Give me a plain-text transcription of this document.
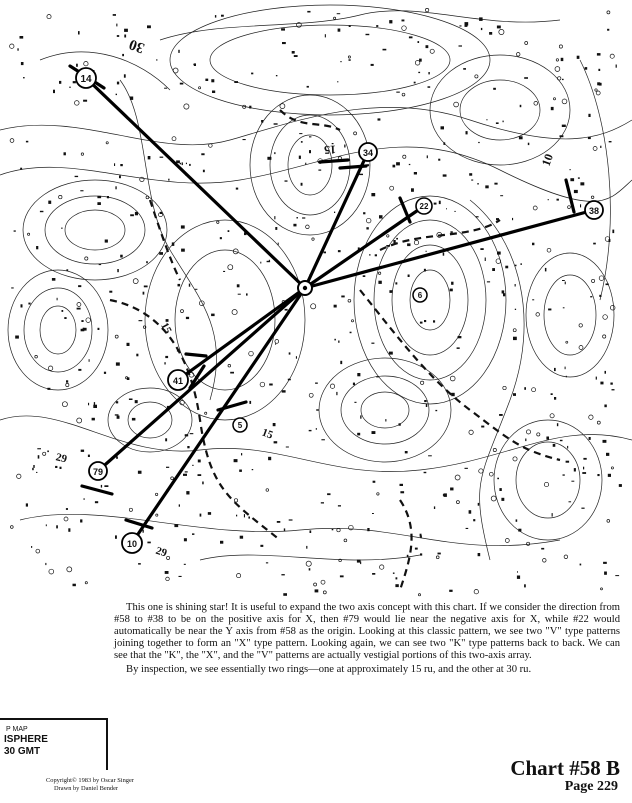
14
34
38
22
41
79
10
6
5
30
15
10
15
15
29
29

This one is shining star! It is useful to expand the two axis concept with this chart. If we consider the direction from #58 to #38 to be on the positive axis for X, then #79 would lie near the negative axis for X, while #22 would automatically be near the Y axis from #58 as the origin. Looking at this classic pattern, we see two "V" type patterns joining together to form an "X" type pattern. Looking again, we can see two "K" type patterns back to back. We can see that the "K", the "X", and the "V" patterns are actually vestigial portions of this two-axis array.

By inspection, we see essentially two rings—one at approximately 15 ru, and the other at 30 ru.

P MAP
ISPHERE
30 GMT
Copyright© 1983 by Oscar Singer
Drawn by Daniel Bender
Chart #58 B
Page 229
